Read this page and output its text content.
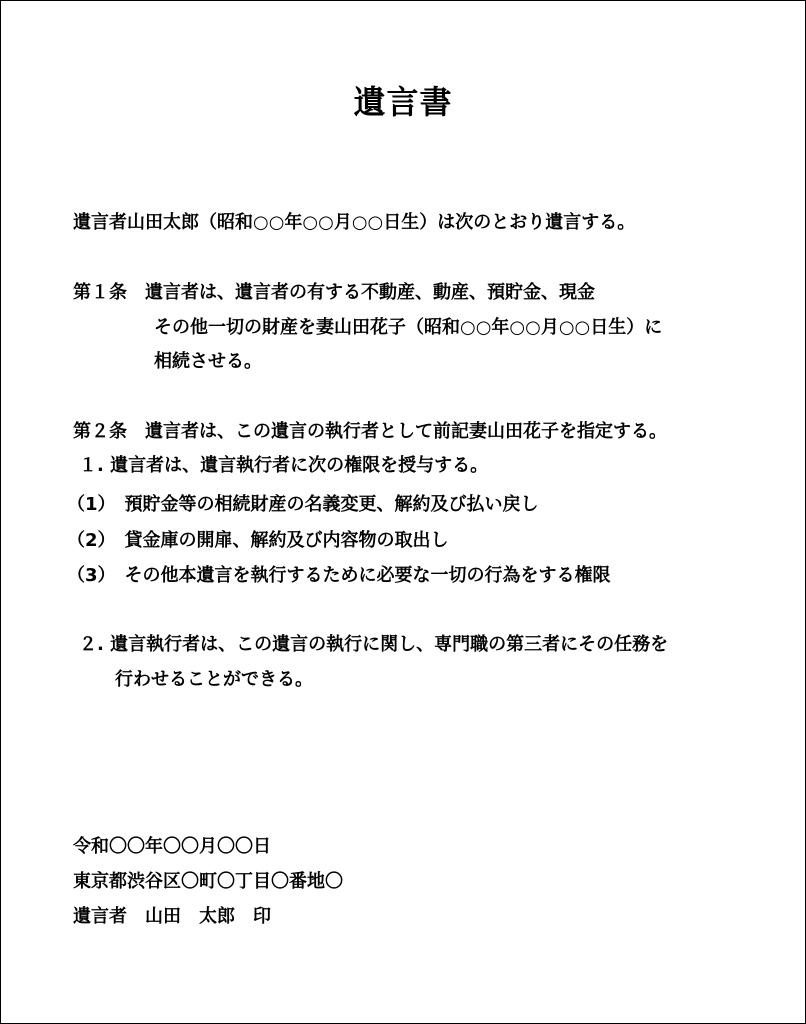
遺言書
遺言者山田太郎（昭和○○年○○月○○日生）は次のとおり遺言する。
第１条　遺言者は、遺言者の有する不動産、動産、預貯金、現金
その他一切の財産を妻山田花子（昭和○○年○○月○○日生）に
相続させる。
第２条　遺言者は、この遺言の執行者として前記妻山田花子を指定する。
１. 遺言者は、遺言執行者に次の権限を授与する。
（1）　預貯金等の相続財産の名義変更、解約及び払い戻し
（2）　貸金庫の開扉、解約及び内容物の取出し
（3）　その他本遺言を執行するために必要な一切の行為をする権限
２. 遺言執行者は、この遺言の執行に関し、専門職の第三者にその任務を
行わせることができる。
令和〇〇年〇〇月〇〇日
東京都渋谷区〇町〇丁目〇番地〇
遺言者　山田　太郎　印
